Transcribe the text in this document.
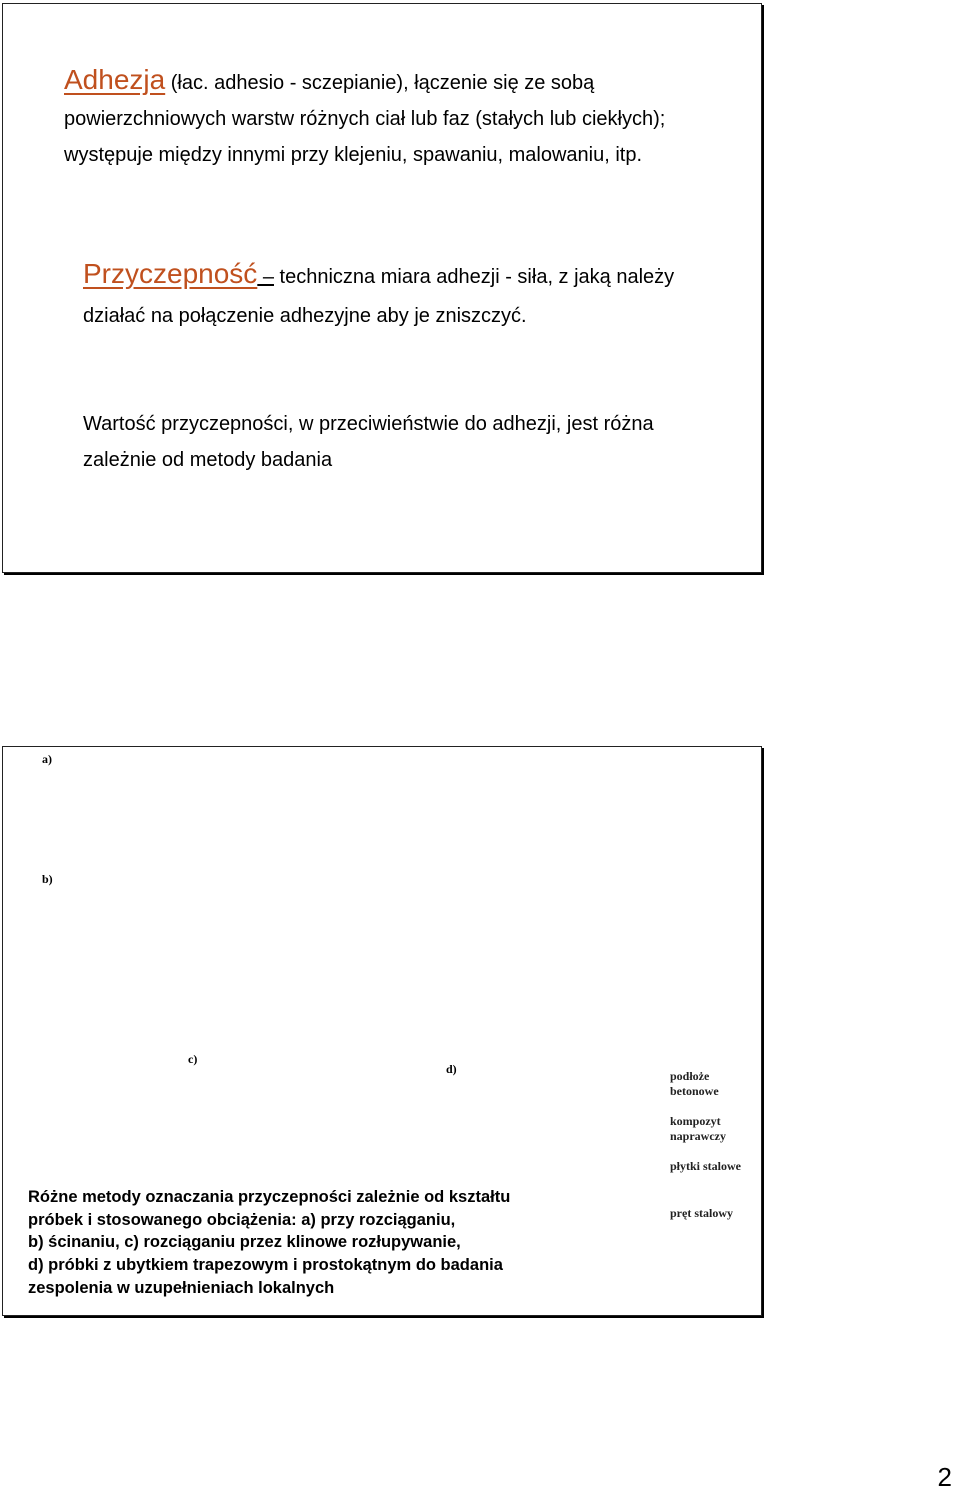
Adhezja (łac. adhesio - sczepianie), łączenie się ze sobą powierzchniowych warstw różnych ciał lub faz (stałych lub ciekłych); występuje między innymi przy klejeniu, spawaniu, malowaniu, itp.
Przyczepność – techniczna miara adhezji - siła, z jaką należy działać na połączenie adhezyjne aby je zniszczyć.
Wartość przyczepności, w przeciwieństwie do adhezji, jest różna zależnie od metody badania
a)
b)
c)
d)	podłoże
betonowe
kompozyt
naprawczy
płytki stalowe
pręt stalowy
Różne metody oznaczania przyczepności zależnie od kształtu
próbek i stosowanego obciążenia: a) przy rozciąganiu,
b) ścinaniu, c) rozciąganiu przez klinowe rozłupywanie,
d) próbki z ubytkiem trapezowym i prostokątnym do badania
zespolenia w uzupełnieniach lokalnych
2
